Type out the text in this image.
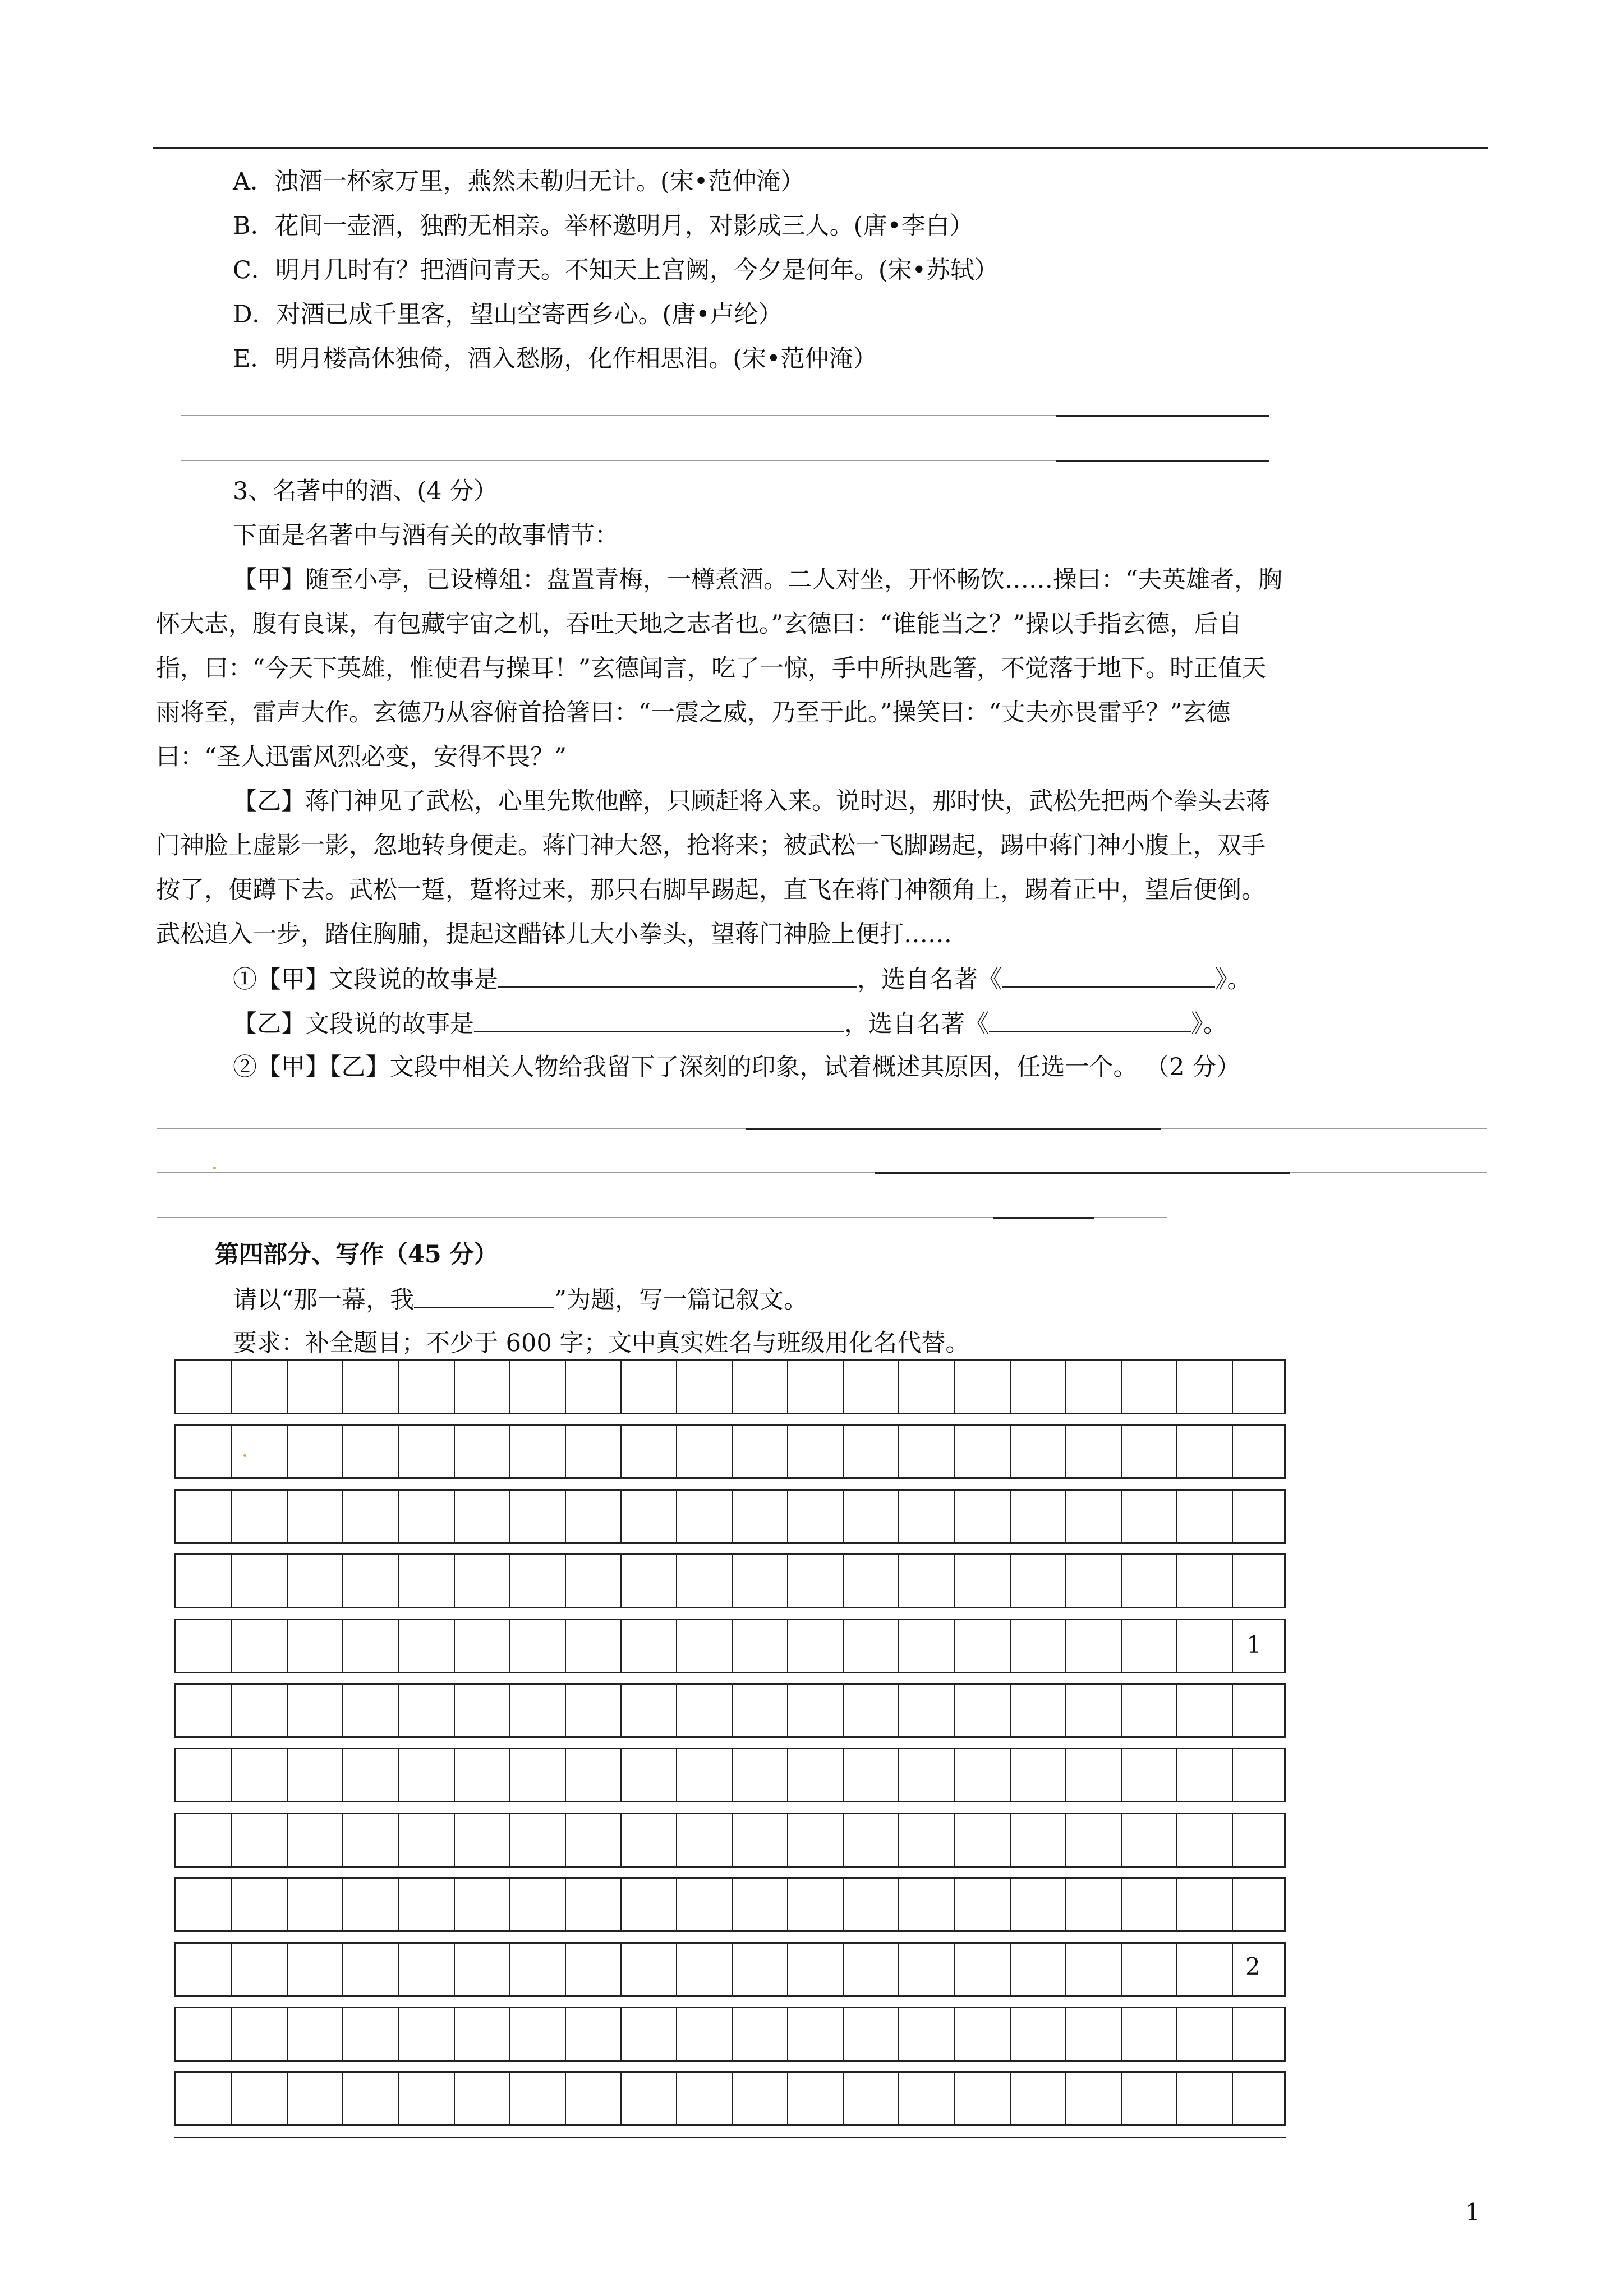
A．浊酒一杯家万里，燕然未勒归无计。(宋•范仲淹）
B．花间一壶酒，独酌无相亲。举杯邀明月，对影成三人。(唐•李白）
C．明月几时有？把酒问青天。不知天上宫阙，今夕是何年。(宋•苏轼）
D．对酒已成千里客，望山空寄西乡心。(唐•卢纶）
E．明月楼高休独倚，酒入愁肠，化作相思泪。(宋•范仲淹）
3、名著中的酒、(4 分）
下面是名著中与酒有关的故事情节：
【甲】随至小亭，已设樽俎：盘置青梅，一樽煮酒。二人对坐，开怀畅饮……操曰：“夫英雄者，胸
怀大志，腹有良谋，有包藏宇宙之机，吞吐天地之志者也。”玄德曰：“谁能当之？”操以手指玄德，后自
指，曰：“今天下英雄，惟使君与操耳！”玄德闻言，吃了一惊，手中所执匙箸，不觉落于地下。时正值天
雨将至，雷声大作。玄德乃从容俯首拾箸曰：“一震之威，乃至于此。”操笑曰：“丈夫亦畏雷乎？”玄德
曰：“圣人迅雷风烈必变，安得不畏？”
【乙】蒋门神见了武松，心里先欺他醉，只顾赶将入来。说时迟，那时快，武松先把两个拳头去蒋
门神脸上虚影一影，忽地转身便走。蒋门神大怒，抢将来；被武松一飞脚踢起，踢中蒋门神小腹上，双手
按了，便蹲下去。武松一踅，踅将过来，那只右脚早踢起，直飞在蒋门神额角上，踢着正中，望后便倒。
武松追入一步，踏住胸脯，提起这醋钵儿大小拳头，望蒋门神脸上便打……
①【甲】文段说的故事是	，选自名著《	》。
【乙】文段说的故事是	，选自名著《	》。
②【甲】【乙】文段中相关人物给我留下了深刻的印象，试着概述其原因，任选一个。 （2 分）
第四部分、写作（45 分）
请以“那一幕，我	”为题，写一篇记叙文。
要求：补全题目；不少于 600 字；文中真实姓名与班级用化名代替。
1
2
1
